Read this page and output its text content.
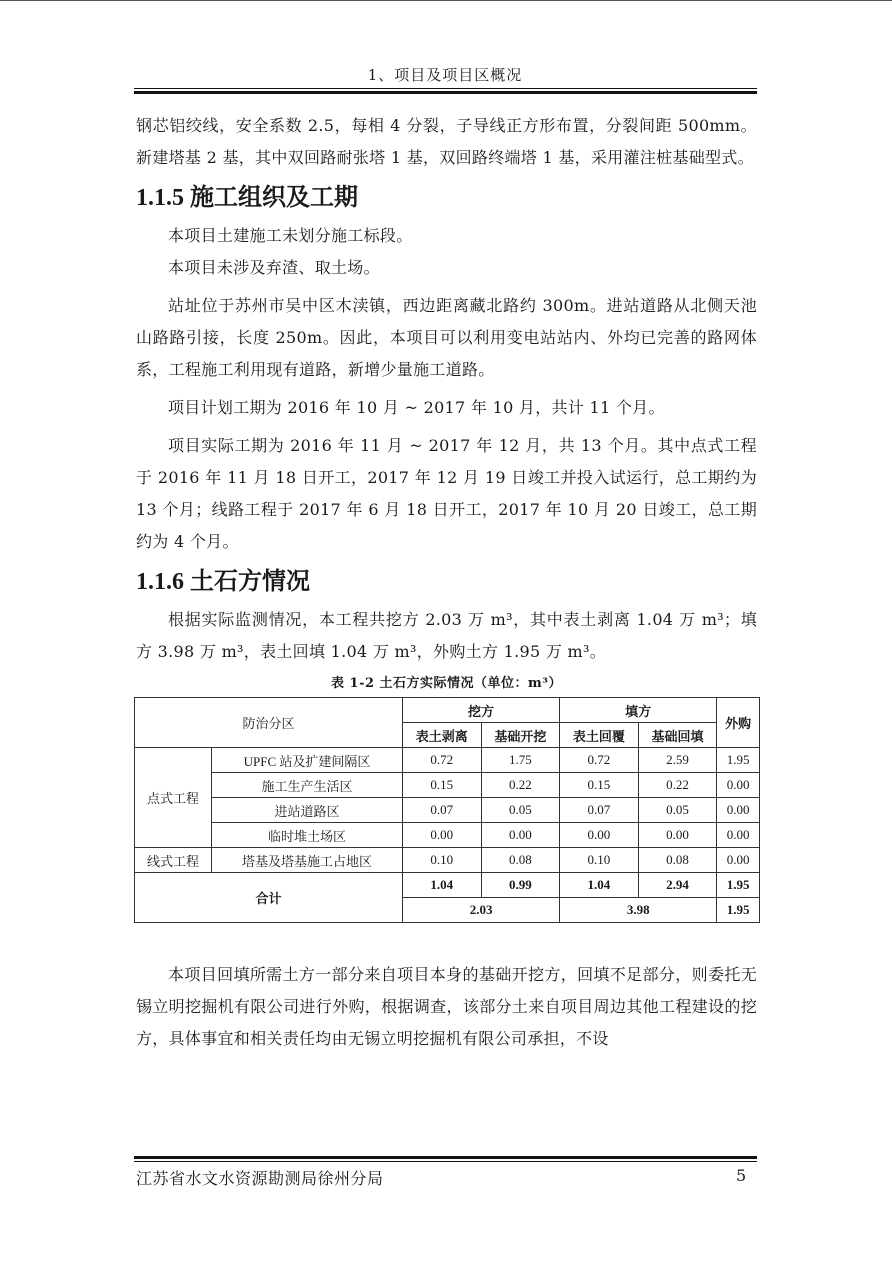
1、项目及项目区概况

钢芯铝绞线，安全系数 2.5，每相 4 分裂，子导线正方形布置，分裂间距 500mm。新建塔基 2 基，其中双回路耐张塔 1 基，双回路终端塔 1 基，采用灌注桩基础型式。

1.1.5 施工组织及工期

本项目土建施工未划分施工标段。

本项目未涉及弃渣、取土场。

站址位于苏州市吴中区木渎镇，西边距离藏北路约 300m。进站道路从北侧天池山路路引接，长度 250m。因此，本项目可以利用变电站站内、外均已完善的路网体系，工程施工利用现有道路，新增少量施工道路。

项目计划工期为 2016 年 10 月 ~ 2017 年 10 月，共计 11 个月。

项目实际工期为 2016 年 11 月 ~ 2017 年 12 月，共 13 个月。其中点式工程于 2016 年 11 月 18 日开工，2017 年 12 月 19 日竣工并投入试运行，总工期约为 13 个月；线路工程于 2017 年 6 月 18 日开工，2017 年 10 月 20 日竣工，总工期约为 4 个月。

1.1.6 土石方情况

根据实际监测情况，本工程共挖方 2.03 万 m³，其中表土剥离 1.04 万 m³；填方 3.98 万 m³，表土回填 1.04 万 m³，外购土方 1.95 万 m³。

表 1-2 土石方实际情况（单位：m³）
防治分区		挖方		填方		外购
		表土剥离	基础开挖	表土回覆	基础回填	
点式工程	UPFC 站及扩建间隔区	0.72	1.75	0.72	2.59	1.95
	施工生产生活区	0.15	0.22	0.15	0.22	0.00
	进站道路区	0.07	0.05	0.07	0.05	0.00
	临时堆土场区	0.00	0.00	0.00	0.00	0.00
线式工程	塔基及塔基施工占地区	0.10	0.08	0.10	0.08	0.00
合计		1.04	0.99	1.04	2.94	1.95
		2.03		3.98		1.95

本项目回填所需土方一部分来自项目本身的基础开挖方，回填不足部分，则委托无锡立明挖掘机有限公司进行外购，根据调查，该部分土来自项目周边其他工程建设的挖方，具体事宜和相关责任均由无锡立明挖掘机有限公司承担，不设

江苏省水文水资源勘测局徐州分局	5
